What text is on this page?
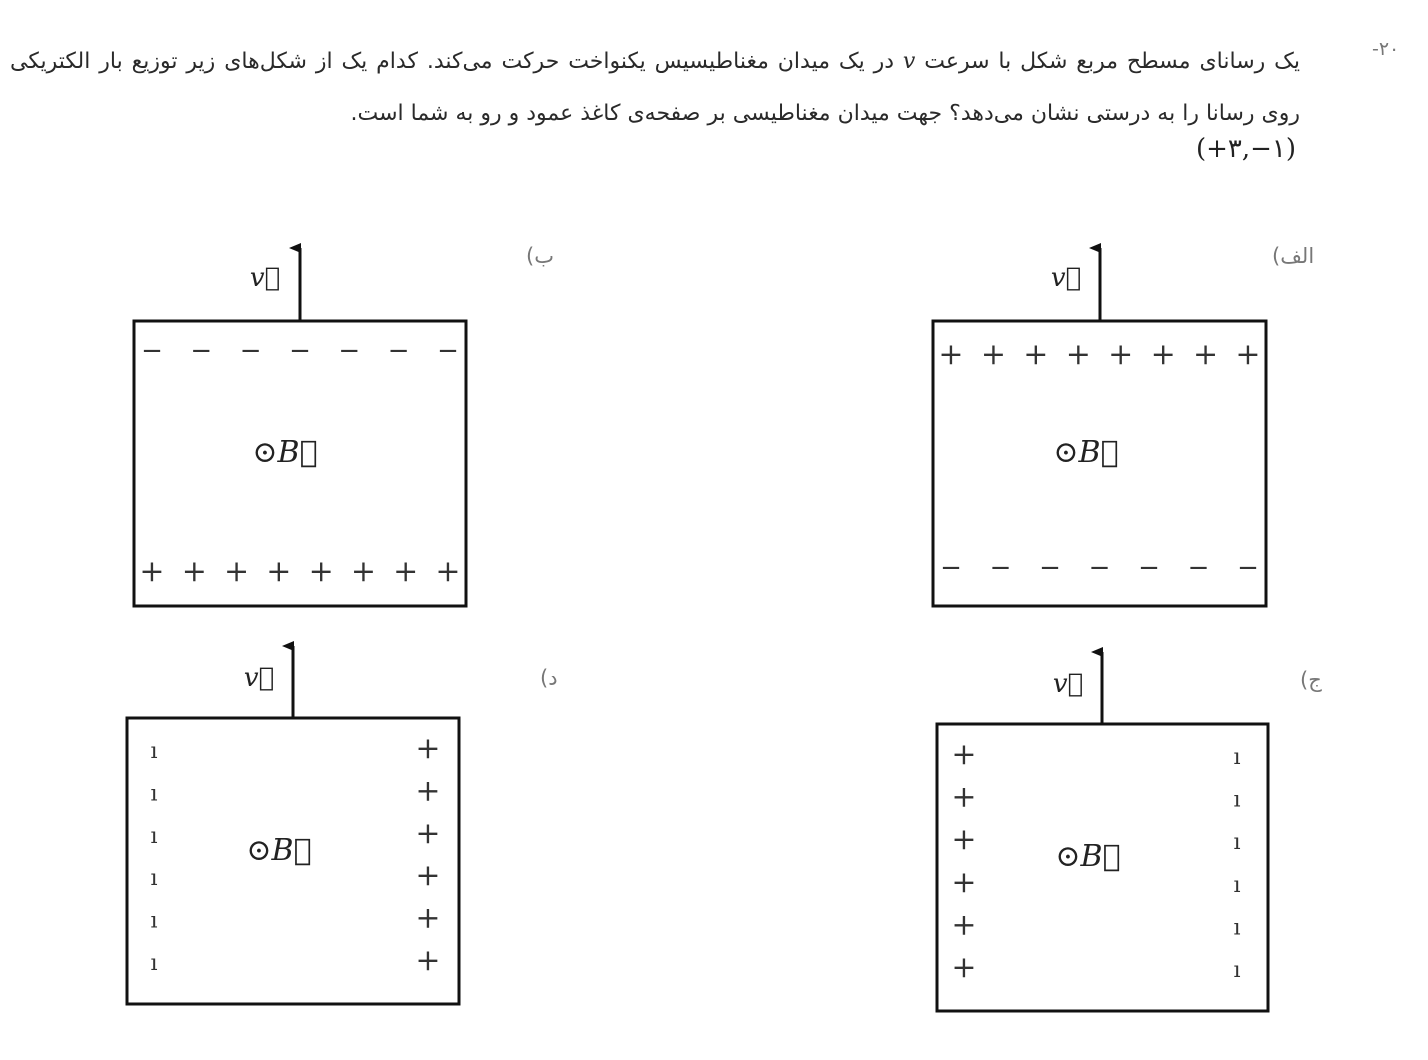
-۲۰
یک رسانای مسطح مربع شکل با سرعت v در یک میدان مغناطیسیس یکنواخت حرکت می‌کند. کدام یک از شکل‌های زیر توزیع بار الکتریکی روی رسانا را به درستی نشان می‌دهد؟ جهت میدان مغناطیسی بر صفحه‌ی کاغذ عمود و رو به شما است.
(+۳,−۱)
الف)
ب)
ج)
د)
v⃗
⊙B⃗
+ + + + + + + +
− − − − − − −
v⃗
⊙B⃗
− − − − − − −
+ + + + + + + +
v⃗
⊙B⃗
+
+
+
+
+
+
ı
ı
ı
ı
ı
ı
v⃗
⊙B⃗
ı
ı
ı
ı
ı
ı
+
+
+
+
+
+
